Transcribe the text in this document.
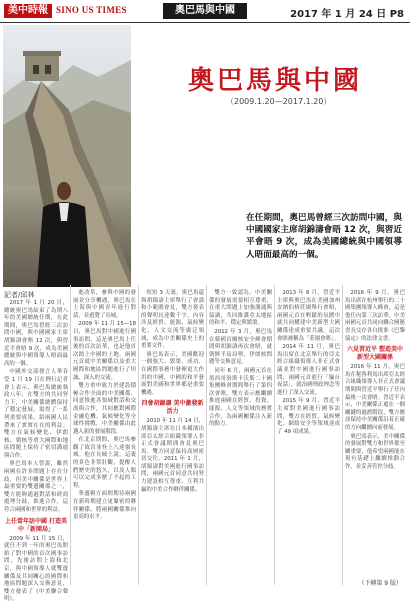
美中時報 SINO US TIMES	奧巴馬與中國	2017 年 1 月 24 日 P8
記者/邱林
奧巴馬與中國
（2009.1.20—2017.1.20）
在任期間，奧巴馬曾經三次訪問中國，與中國國家主席胡錦濤會晤 12 次，與習近平會晤 9 次，成為美國總統與中國領導人晤面最高的一個。

2017 年 1 月 20 日，總統奧巴馬結束了為期八年的美國總統任期，在此期間，奧巴馬曾經三次訪問中國，與中國國家主席胡錦濤會晤 12 次，與習近平會晤 9 次，成為美國總統與中國領導人晤面最高的一個。

中國外交部發言人華春瑩 1 月 19 日在例行記者會上表示，奧巴馬總統執政八年，在雙方的共同努力下，中美關係總體保持了穩定發展，取得了一系列重要成果，給兩國人民帶來了實實在在的利益。雙方在氣候變化、伊朗核、朝核等重大國際和地區問題上保持了密切溝通與合作。

奧巴馬本人曾說，雖然兩國在許多問題上存在分歧，但美中關係是世界上最重要的雙邊關係之一，雙方能夠通過對話和磋商處理分歧，推進合作，這符合兩國和世界的利益。

上任當年訪中國 打造美中「新開局」

2009 年 11 月 15 日，就任不到一年的奧巴馬開始了對中國的首次國事訪問，先後訪問上海和北京，與中國領導人就雙邊關係及共同關心的國際和地區問題深入交換意見，雙方發表了《中美聯合聲明》。

進改革，參與中國的發展並分享機遇，奧巴馬在上海與中國青年進行對話，並遊覽了長城。

2009 年 11 月 15—18 日，奧巴馬對中國進行國事訪問。這是奧巴馬上任後的首次訪華，也是他首次踏上中國的土地，兩國元首就中美關係以及重大國際和地區問題進行了坦誠、深入的交流。

雙方重申致力於建設積極合作全面的中美關係，同意推進各領域對話和交流與合作，共同應對國際金融危機、氣候變化等全球性挑戰，中美關係由此邁入新的發展階段。

在北京期間，奧巴馬參觀了故宮並登上八達嶺長城。他在長城上說，這裏的景色非常壯觀，提醒人們歷史的悠久，以及人類可以完成多麼了不起的工程。

華盛頓方面則期待兩國在新時期建立更緊密的夥伴關係，將兩國關係推向更高的水平。

短短 3 天裏，奧巴馬還與胡錦濤主席舉行了會談和小範圍會見，雙方發表的聲明長達數千字，內容涉及經貿、能源、氣候變化、人文交流等廣泛領域，成為中美關係史上的重要文件。

奧巴馬表示，美國歡迎一個強大、繁榮、成功、在國際事務中發揮更大作用的中國，中國的和平發展對美國和世界都是重要機遇。

四會胡錦濤 美中激發新活力

2010 年 11 月 14 日，胡錦濤主席在日本橫濱出席亞太經合組織領導人非正式會議期間會見奧巴馬。雙方同意保持高層密切交往。2011 年 1 月，胡錦濤對美國進行國事訪問，兩國元首同意共同努力建設相互尊重、互利共贏的中美合作夥伴關係。

雙方一致認為，中美關係的發展需要相互尊重，在重大問題上加強溝通與協調，共同維護亞太地區的和平、穩定與繁榮。

2012 年 3 月，奧巴馬在韓國首爾核安全峰會期間與胡錦濤再次會晤，就朝鮮半島局勢、伊朗核問題等交換意見。

同年 6 月，兩國元首在墨西哥洛斯卡沃斯二十國集團峰會期間舉行了第四次會晤，雙方表示應繼續推進兩國在經貿、投資、能源、人文等領域的務實合作，為兩國關係注入新的動力。

2013 年 6 月，習近平主席與奧巴馬在美國加州安納伯格莊園舉行會晤，兩國元首在輕鬆的氛圍中就共同構建中美新型大國關係達成重要共識，這次會晤被稱為「莊園會晤」。

2014 年 11 月，奧巴馬出席在北京舉行的亞太經合組織領導人非正式會議並對中國進行國事訪問，兩國元首進行「瀛台夜話」，就治國理政理念等進行了深入交流。

2015 年 9 月，習近平主席對美國進行國事訪問，雙方在經貿、氣候變化、網絡安全等領域達成了 49 項成果。

2016 年 9 月，奧巴馬出席在杭州舉行的二十國集團領導人峰會，這是他任內第三次訪華。中美兩國元首共同向聯合國秘書長交存各自批准《巴黎協定》的法律文書。

六見習近平 塑造美中新型大國關係

2016 年 11 月，奧巴馬在秘魯利馬出席亞太經合組織領導人非正式會議期間與習近平舉行了任內最後一次會晤。習近平表示，中美關係正處在一個關鍵的過渡階段，雙方應該保持中美關係沿着正確的方向繼續向前發展。

奧巴馬表示，美中關係的發展對雙方和世界都至關重要，他希望兩國能在現有基礎上繼續推動合作，並妥善管控分歧。

（下轉第 9 版）
